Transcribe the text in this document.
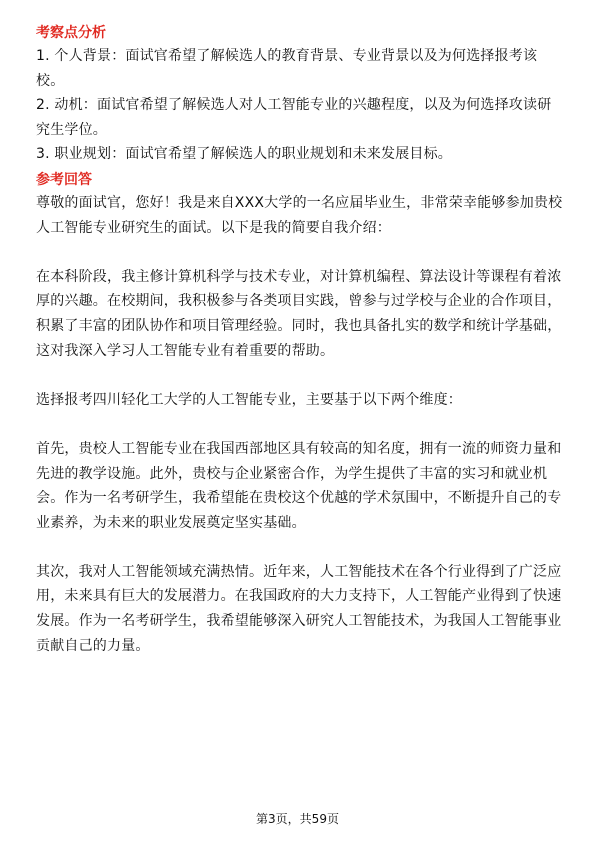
考察点分析

1. 个人背景：面试官希望了解候选人的教育背景、专业背景以及为何选择报考该校。

2. 动机：面试官希望了解候选人对人工智能专业的兴趣程度，以及为何选择攻读研究生学位。

3. 职业规划：面试官希望了解候选人的职业规划和未来发展目标。

参考回答

尊敬的面试官，您好！我是来自XXX大学的一名应届毕业生，非常荣幸能够参加贵校人工智能专业研究生的面试。以下是我的简要自我介绍：

在本科阶段，我主修计算机科学与技术专业，对计算机编程、算法设计等课程有着浓厚的兴趣。在校期间，我积极参与各类项目实践，曾参与过学校与企业的合作项目，积累了丰富的团队协作和项目管理经验。同时，我也具备扎实的数学和统计学基础，这对我深入学习人工智能专业有着重要的帮助。

选择报考四川轻化工大学的人工智能专业，主要基于以下两个维度：

首先，贵校人工智能专业在我国西部地区具有较高的知名度，拥有一流的师资力量和先进的教学设施。此外，贵校与企业紧密合作，为学生提供了丰富的实习和就业机会。作为一名考研学生，我希望能在贵校这个优越的学术氛围中，不断提升自己的专业素养，为未来的职业发展奠定坚实基础。

其次，我对人工智能领域充满热情。近年来，人工智能技术在各个行业得到了广泛应用，未来具有巨大的发展潜力。在我国政府的大力支持下，人工智能产业得到了快速发展。作为一名考研学生，我希望能够深入研究人工智能技术，为我国人工智能事业贡献自己的力量。

第3页，共59页
